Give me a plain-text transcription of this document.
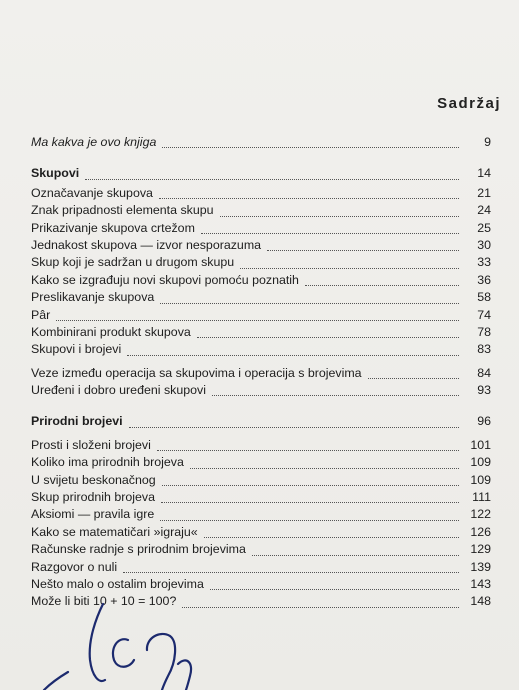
Sadržaj
Ma kakva je ovo knjiga	9
Skupovi	14
Označavanje skupova	21
Znak pripadnosti elementa skupu	24
Prikazivanje skupova crtežom	25
Jednakost skupova — izvor nesporazuma	30
Skup koji je sadržan u drugom skupu	33
Kako se izgrađuju novi skupovi pomoću poznatih	36
Preslikavanje skupova	58
Pâr	74
Kombinirani produkt skupova	78
Skupovi i brojevi	83
Veze između operacija sa skupovima i operacija s brojevima	84
Uređeni i dobro uređeni skupovi	93
Prirodni brojevi	96
Prosti i složeni brojevi	101
Koliko ima prirodnih brojeva	109
U svijetu beskonačnog	109
Skup prirodnih brojeva	111
Aksiomi — pravila igre	122
Kako se matematičari »igraju«	126
Računske radnje s prirodnim brojevima	129
Razgovor o nuli	139
Nešto malo o ostalim brojevima	143
Može li biti 10 + 10 = 100?	148
